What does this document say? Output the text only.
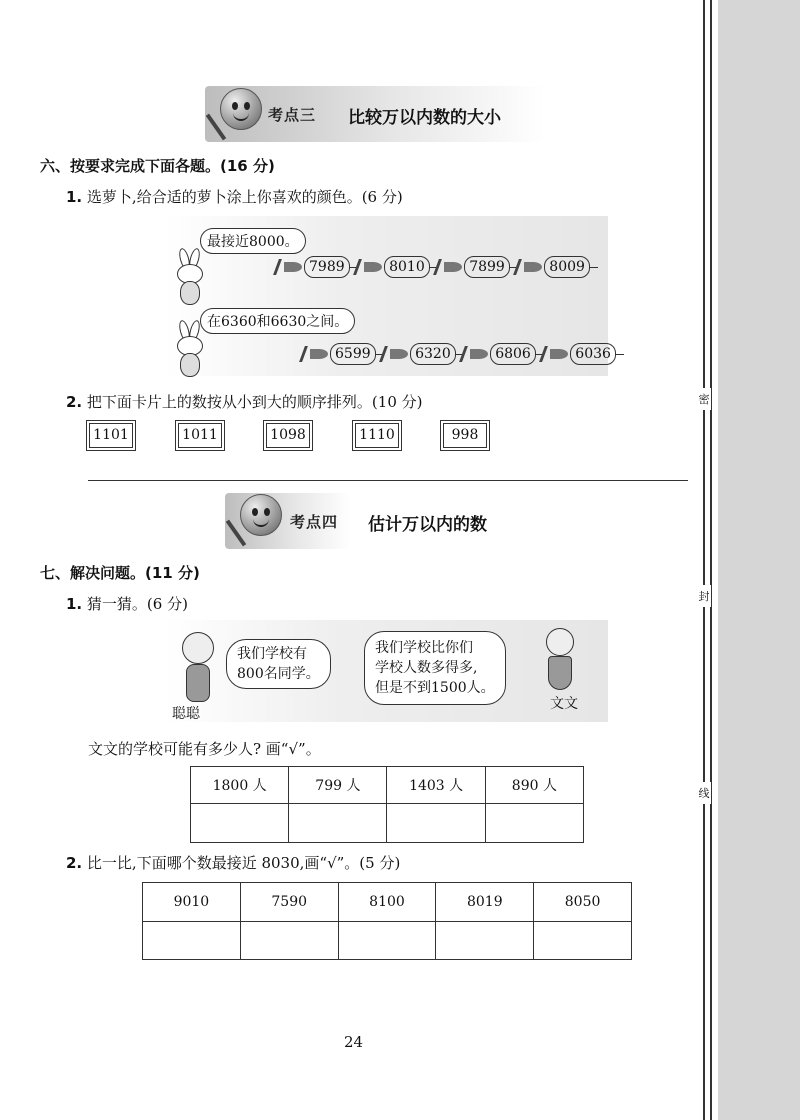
密
封
线
考点三 比较万以内数的大小
六、按要求完成下面各题。(16 分)
1. 选萝卜,给合适的萝卜涂上你喜欢的颜色。(6 分)
最接近8000。
在6360和6630之间。
7989	8010	7899	8009
6599	6320	6806	6036
2. 把下面卡片上的数按从小到大的顺序排列。(10 分)
1101	1011	1098	1110	998
考点四 估计万以内的数
七、解决问题。(11 分)
1. 猜一猜。(6 分)
聪聪
我们学校有
800名同学。
我们学校比你们
学校人数多得多,
但是不到1500人。
文文
文文的学校可能有多少人? 画“√”。
1800 人	799 人	1403 人	890 人

2. 比一比,下面哪个数最接近 8030,画“√”。(5 分)
9010	7590	8100	8019	8050

24
